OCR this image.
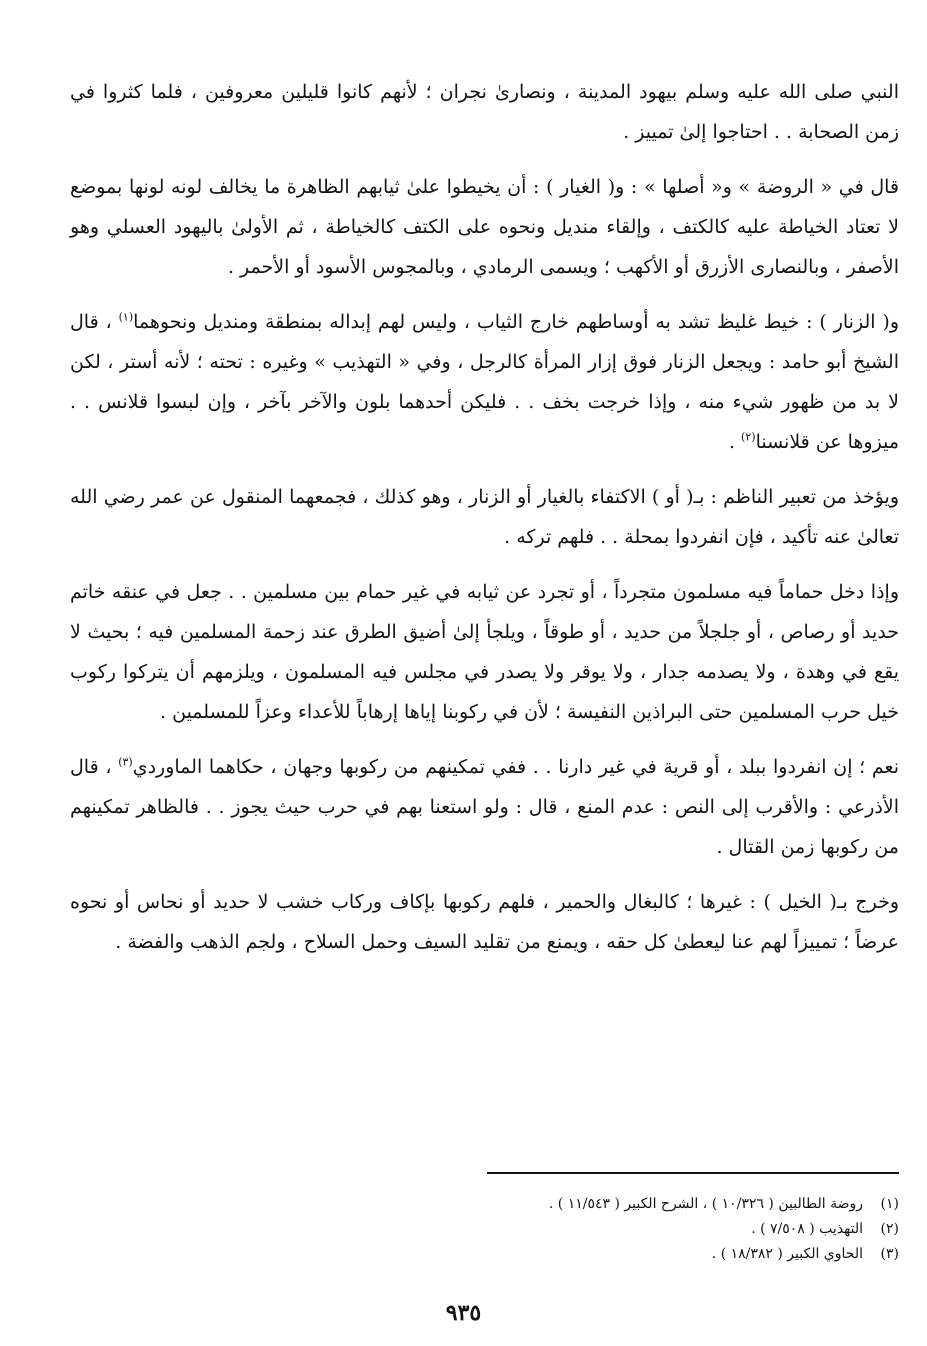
النبي صلى الله عليه وسلم بيهود المدينة ، ونصارىٰ نجران ؛ لأنهم كانوا قليلين معروفين ، فلما كثروا في زمن الصحابة . . احتاجوا إلىٰ تمييز .

قال في « الروضة » و« أصلها » : و( الغيار ) : أن يخيطوا علىٰ ثيابهم الظاهرة ما يخالف لونه لونها بموضع لا تعتاد الخياطة عليه كالكتف ، وإلقاء منديل ونحوه على الكتف كالخياطة ، ثم الأولىٰ باليهود العسلي وهو الأصفر ، وبالنصارى الأزرق أو الأكهب ؛ ويسمى الرمادي ، وبالمجوس الأسود أو الأحمر .

و( الزنار ) : خيط غليظ تشد به أوساطهم خارج الثياب ، وليس لهم إبداله بمنطقة ومنديل ونحوهما$^{(١)}$ ، قال الشيخ أبو حامد : ويجعل الزنار فوق إزار المرأة كالرجل ، وفي « التهذيب » وغيره : تحته ؛ لأنه أستر ، لكن لا بد من ظهور شيء منه ، وإذا خرجت بخف . . فليكن أحدهما بلون والآخر بآخر ، وإن لبسوا قلانس . . ميزوها عن قلانسنا$^{(٢)}$ .

ويؤخذ من تعبير الناظم : بـ( أو ) الاكتفاء بالغيار أو الزنار ، وهو كذلك ، فجمعهما المنقول عن عمر رضي الله تعالىٰ عنه تأكيد ، فإن انفردوا بمحلة . . فلهم تركه .

وإذا دخل حماماً فيه مسلمون متجرداً ، أو تجرد عن ثيابه في غير حمام بين مسلمين . . جعل في عنقه خاتم حديد أو رصاص ، أو جلجلاً من حديد ، أو طوقاً ، ويلجأ إلىٰ أضيق الطرق عند زحمة المسلمين فيه ؛ بحيث لا يقع في وهدة ، ولا يصدمه جدار ، ولا يوقر ولا يصدر في مجلس فيه المسلمون ، ويلزمهم أن يتركوا ركوب خيل حرب المسلمين حتى البراذين النفيسة ؛ لأن في ركوبنا إياها إرهاباً للأعداء وعزاً للمسلمين .

نعم ؛ إن انفردوا ببلد ، أو قرية في غير دارنا . . ففي تمكينهم من ركوبها وجهان ، حكاهما الماوردي$^{(٣)}$ ، قال الأذرعي : والأقرب إلى النص : عدم المنع ، قال : ولو استعنا بهم في حرب حيث يجوز . . فالظاهر تمكينهم من ركوبها زمن القتال .

وخرج بـ( الخيل ) : غيرها ؛ كالبغال والحمير ، فلهم ركوبها بإكاف وركاب خشب لا حديد أو نحاس أو نحوه عرضاً ؛ تمييزاً لهم عنا ليعطىٰ كل حقه ، ويمنع من تقليد السيف وحمل السلاح ، ولجم الذهب والفضة .

(١)
روضة الطالبين ( ١٠/٣٢٦ ) ، الشرح الكبير ( ١١/٥٤٣ ) .
(٢)
التهذيب ( ٧/٥٠٨ ) .
(٣)
الحاوي الكبير ( ١٨/٣٨٢ ) .
٩٣٥
